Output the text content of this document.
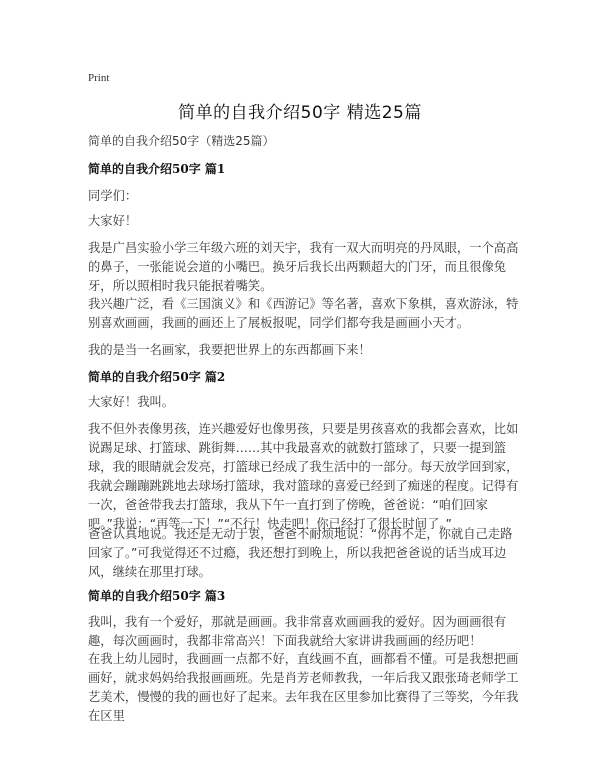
Print
简单的自我介绍50字 精选25篇
简单的自我介绍50字（精选25篇）
简单的自我介绍50字 篇1
同学们：
大家好！
我是广昌实验小学三年级六班的刘天宇，我有一双大而明亮的丹凤眼，一个高高的鼻子，一张能说会道的小嘴巴。换牙后我长出两颗超大的门牙，而且很像兔牙，所以照相时我只能抿着嘴笑。
我兴趣广泛，看《三国演义》和《西游记》等名著，喜欢下象棋，喜欢游泳，特别喜欢画画，我画的画还上了展板报呢，同学们都夸我是画画小天才。
我的是当一名画家，我要把世界上的东西都画下来！
简单的自我介绍50字 篇2
大家好！我叫。
我不但外表像男孩，连兴趣爱好也像男孩，只要是男孩喜欢的我都会喜欢，比如说踢足球、打篮球、跳街舞……其中我最喜欢的就数打篮球了，只要一提到篮球，我的眼睛就会发亮，打篮球已经成了我生活中的一部分。每天放学回到家，我就会蹦蹦跳跳地去球场打篮球，我对篮球的喜爱已经到了痴迷的程度。记得有一次，爸爸带我去打篮球，我从下午一直打到了傍晚，爸爸说：“咱们回家吧。”我说：“再等一下！”“不行！快走吧！你已经打了很长时间了。”
爸爸认真地说。我还是无动于衷，爸爸不耐烦地说：“你再不走，你就自己走路回家了。”可我觉得还不过瘾，我还想打到晚上，所以我把爸爸说的话当成耳边风，继续在那里打球。
简单的自我介绍50字 篇3
我叫，我有一个爱好，那就是画画。我非常喜欢画画我的爱好。因为画画很有趣，每次画画时，我都非常高兴！下面我就给大家讲讲我画画的经历吧！
在我上幼儿园时，我画画一点都不好，直线画不直，画都看不懂。可是我想把画画好，就求妈妈给我报画画班。先是肖芳老师教我，一年后我又跟张琦老师学工艺美术，慢慢的我的画也好了起来。去年我在区里参加比赛得了三等奖，今年我在区里
